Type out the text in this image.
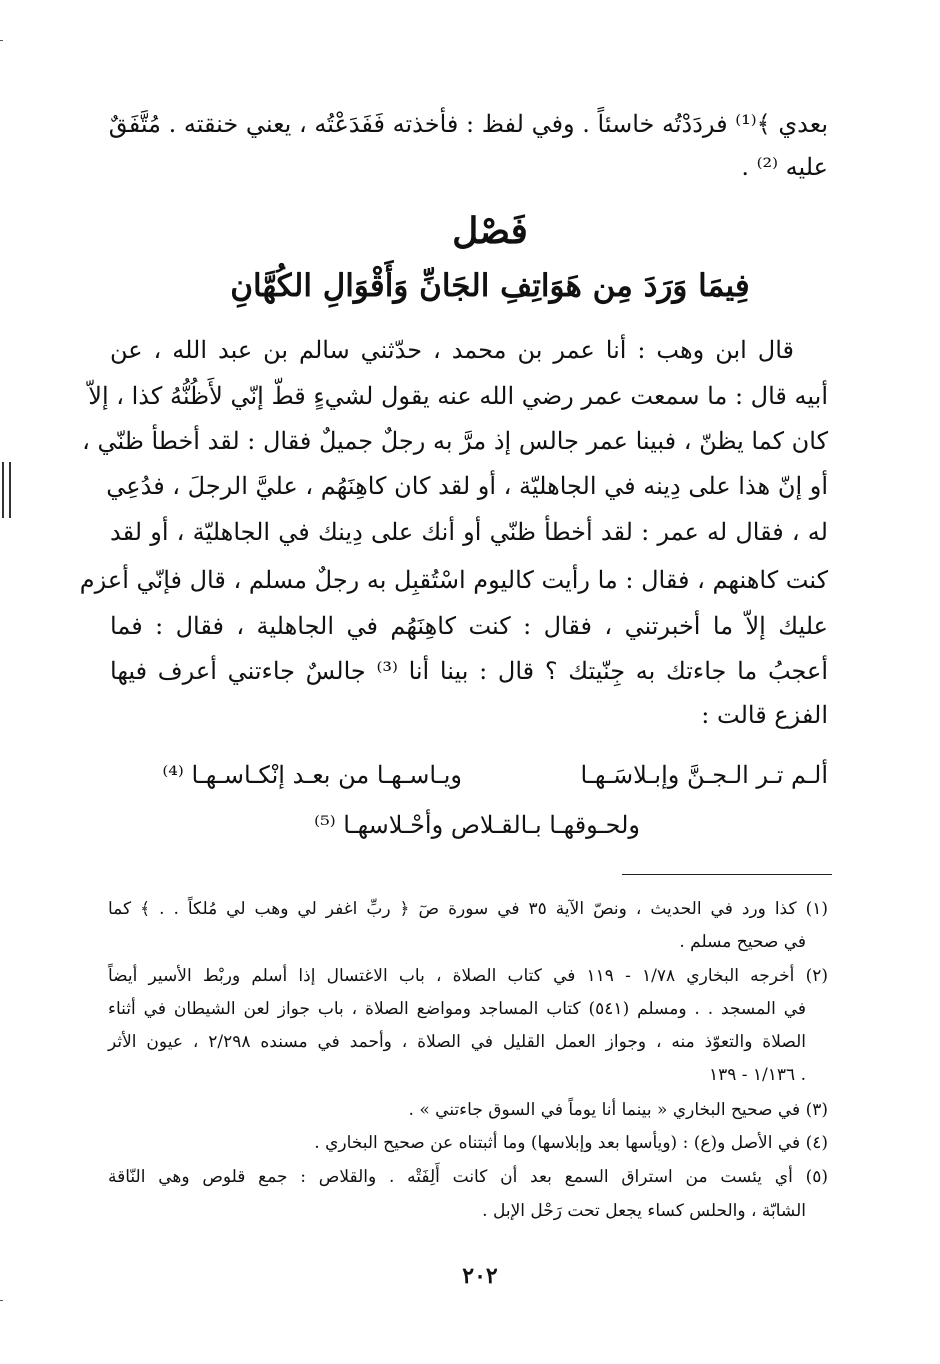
بعدي ﴾⁽¹⁾ فردَدْتُه خاسئاً . وفي لفظ : فأخذته فَفَدَعْتُه ، يعني خنقته . مُتَّفَقٌ
عليه ⁽²⁾ .
فَصْل
فِيمَا وَرَدَ مِن هَوَاتِفِ الجَانِّ وَأَقْوَالِ الكُهَّانِ
قال ابن وهب : أنا عمر بن محمد ، حدّثني سالم بن عبد الله ، عن
أبيه قال : ما سمعت عمر رضي الله عنه يقول لشيءٍ قطّ إنّي لأَظُنُّهُ كذا ، إلاّ
كان كما يظنّ ، فبينا عمر جالس إذ مرَّ به رجلٌ جميلٌ فقال : لقد أخطأ ظنّي ،
أو إنّ هذا على دِينه في الجاهليّة ، أو لقد كان كاهِنَهُم ، عليَّ الرجلَ ، فدُعِي
له ، فقال له عمر : لقد أخطأ ظنّي أو أنك على دِينك في الجاهليّة ، أو لقد
كنت كاهنهم ، فقال : ما رأيت كاليوم اسْتُقبِل به رجلٌ مسلم ، قال فإنّي أعزم
عليك إلاّ ما أخبرتني ، فقال : كنت كاهِنَهُم في الجاهلية ، فقال : فما
أعجبُ ما جاءتك به جِنّيتك ؟ قال : بينا أنا ⁽³⁾ جالسٌ جاءتني أعرف فيها
الفزع قالت :
ألـم تـر الـجـنَّ وإبـلاسَـهـا
ويـاسـهـا من بعـد إنْكـاسـهـا ⁽⁴⁾
ولحـوقهـا بـالقـلاص وأحْـلاسهـا ⁽⁵⁾
(١) كذا ورد في الحديث ، ونصّ الآية ٣٥ في سورة صٓ ﴿ ربِّ اغفر لي وهب لي مُلكاً . . ﴾ كما
في صحيح مسلم .
(٢) أخرجه البخاري ١/٧٨ - ١١٩ في كتاب الصلاة ، باب الاغتسال إذا أسلم وربْط الأسير أيضاً
في المسجد . . ومسلم (٥٤١) كتاب المساجد ومواضع الصلاة ، باب جواز لعن الشيطان في أثناء
الصلاة والتعوّذ منه ، وجواز العمل القليل في الصلاة ، وأحمد في مسنده ٢/٢٩٨ ، عيون الأثر
١/١٣٦ - ١٣٩ .
(٣) في صحيح البخاري « بينما أنا يوماً في السوق جاءتني » .
(٤) في الأصل و(ع) : (ويأسها بعد وإبلاسها) وما أثبتناه عن صحيح البخاري .
(٥) أي يئست من استراق السمع بعد أن كانت أَلِفَتْه . والقلاص : جمع قلوص وهي النّاقة
الشابّة ، والحلس كساء يجعل تحت رَحْل الإبل .
٢٠٢
